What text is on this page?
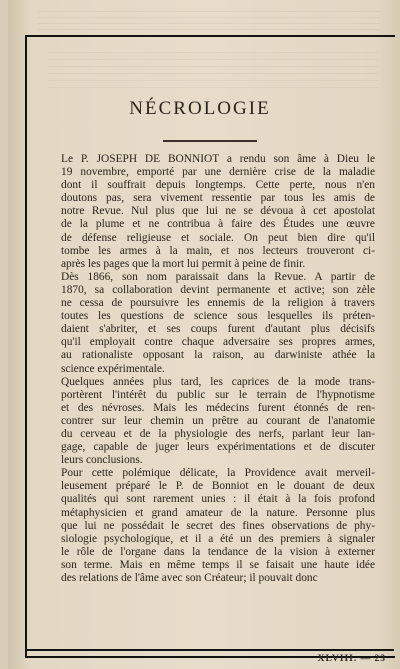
NÉCROLOGIE
Le P. JOSEPH DE BONNIOT a rendu son âme à Dieu le
19 novembre, emporté par une dernière crise de la maladie
dont il souffrait depuis longtemps. Cette perte, nous n'en
doutons pas, sera vivement ressentie par tous les amis de
notre Revue. Nul plus que lui ne se dévoua à cet apostolat
de la plume et ne contribua à faire des Études une œuvre
de défense religieuse et sociale. On peut bien dire qu'il
tombe les armes à la main, et nos lecteurs trouveront ci-
après les pages que la mort lui permit à peine de finir.
Dès 1866, son nom paraissait dans la Revue. A partir de
1870, sa collaboration devint permanente et active; son zèle
ne cessa de poursuivre les ennemis de la religion à travers
toutes les questions de science sous lesquelles ils préten-
daient s'abriter, et ses coups furent d'autant plus décisifs
qu'il employait contre chaque adversaire ses propres armes,
au rationaliste opposant la raison, au darwiniste athée la
science expérimentale.
Quelques années plus tard, les caprices de la mode trans-
portèrent l'intérêt du public sur le terrain de l'hypnotisme
et des névroses. Mais les médecins furent étonnés de ren-
contrer sur leur chemin un prêtre au courant de l'anatomie
du cerveau et de la physiologie des nerfs, parlant leur lan-
gage, capable de juger leurs expérimentations et de discuter
leurs conclusions.
Pour cette polémique délicate, la Providence avait merveil-
leusement préparé le P. de Bonniot en le douant de deux
qualités qui sont rarement unies : il était à la fois profond
métaphysicien et grand amateur de la nature. Personne plus
que lui ne possédait le secret des fines observations de phy-
siologie psychologique, et il a été un des premiers à signaler
le rôle de l'organe dans la tendance de la vision à externer
son terme. Mais en même temps il se faisait une haute idée
des relations de l'âme avec son Créateur; il pouvait donc
XLVIII. — 23
